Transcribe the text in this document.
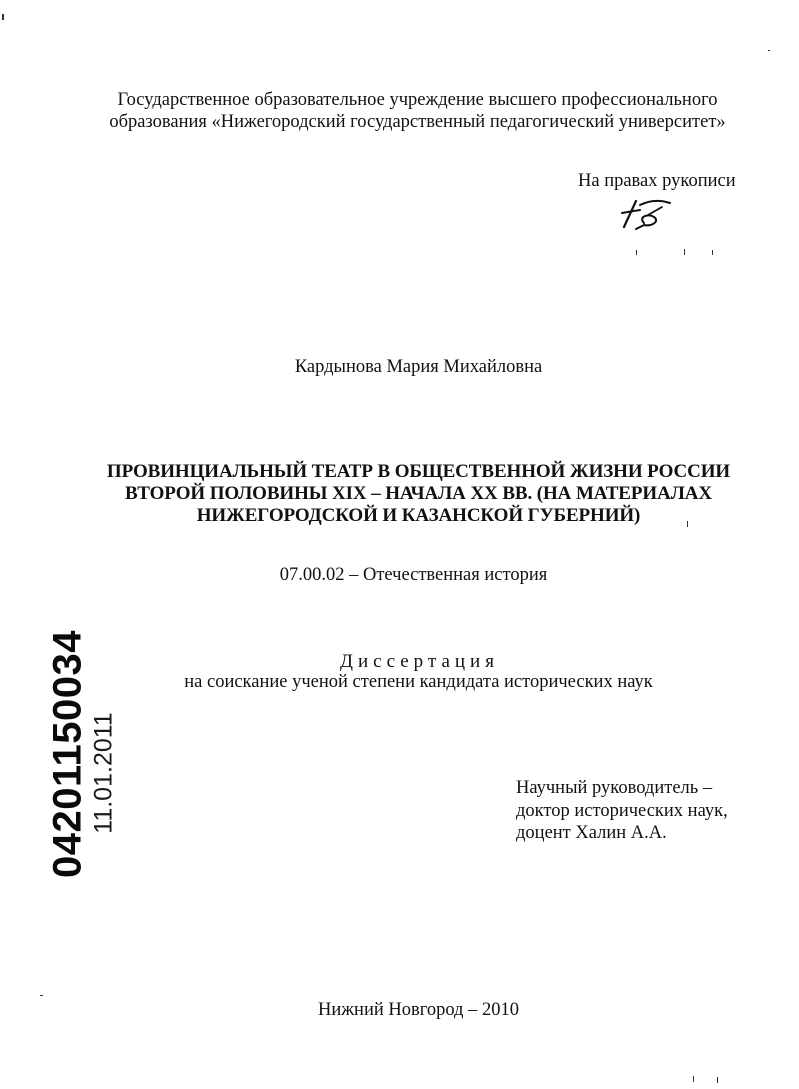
Государственное образовательное учреждение высшего профессионального
образования «Нижегородский государственный педагогический университет»
На правах рукописи
Кардынова Мария Михайловна
ПРОВИНЦИАЛЬНЫЙ ТЕАТР В ОБЩЕСТВЕННОЙ ЖИЗНИ РОССИИ
ВТОРОЙ ПОЛОВИНЫ XIX – НАЧАЛА XX ВВ. (НА МАТЕРИАЛАХ
НИЖЕГОРОДСКОЙ И КАЗАНСКОЙ ГУБЕРНИЙ)
07.00.02 – Отечественная история
Диссертация
на соискание ученой степени кандидата исторических наук
04201150034 11.01.2011	Научный руководитель –
доктор исторических наук,
доцент Халин А.А.
Нижний Новгород – 2010
